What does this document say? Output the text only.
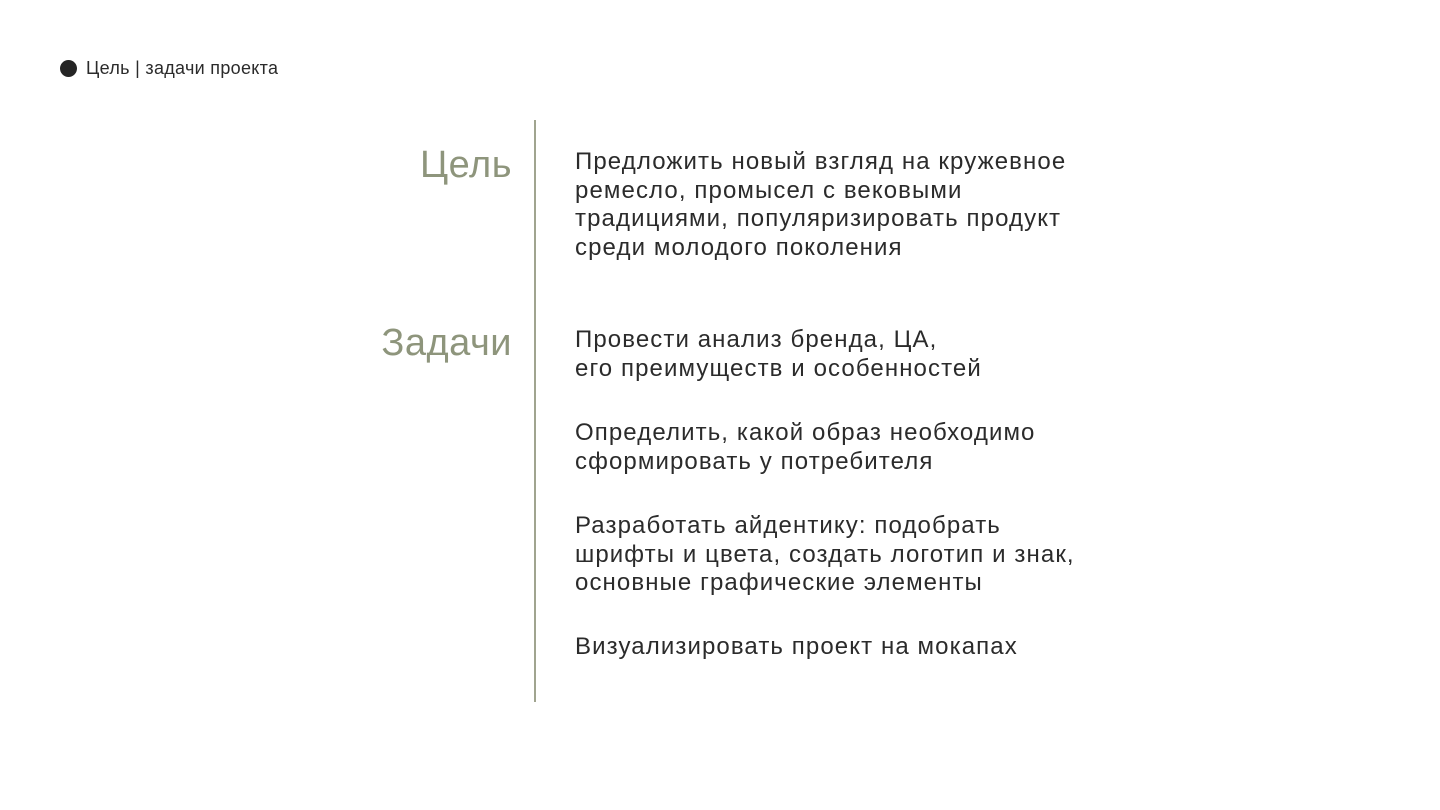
Цель | задачи проекта
Цель	Предложить новый взгляд на кружевное
ремесло, промысел с вековыми
традициями, популяризировать продукт
среди молодого поколения
Задачи	Провести анализ бренда, ЦА,
его преимуществ и особенностей
Определить, какой образ необходимо
сформировать у потребителя
Разработать айдентику: подобрать
шрифты и цвета, создать логотип и знак,
основные графические элементы
Визуализировать проект на мокапах
